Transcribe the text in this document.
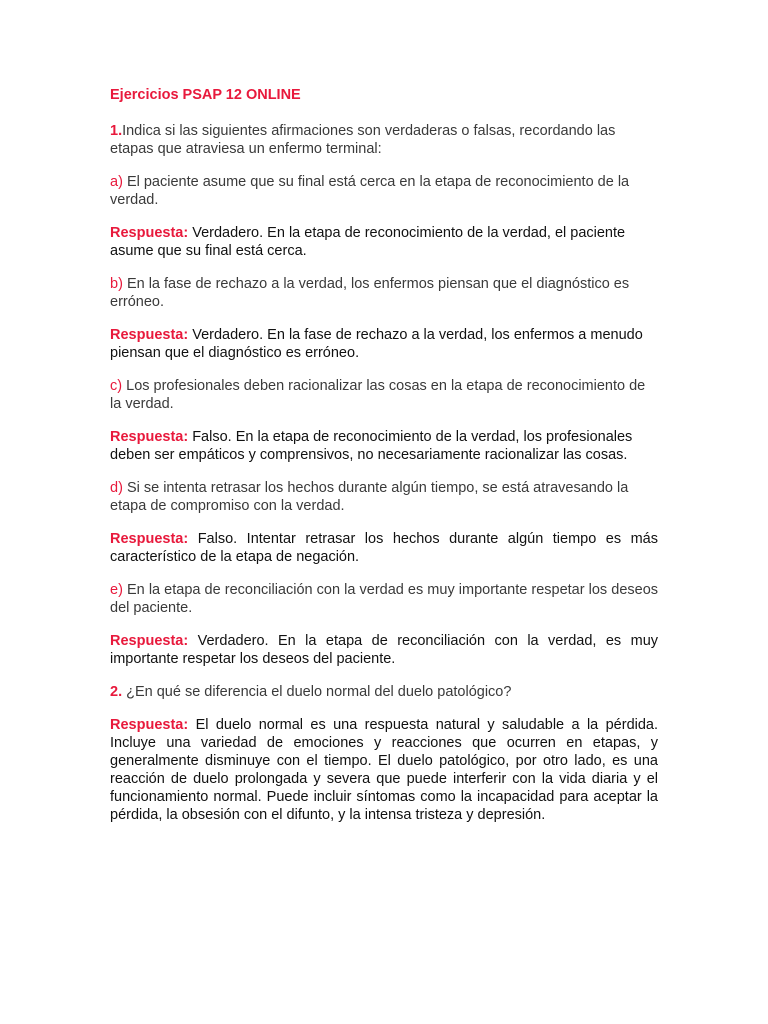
Ejercicios PSAP 12 ONLINE

1.Indica si las siguientes afirmaciones son verdaderas o falsas, recordando las etapas que atraviesa un enfermo terminal:

a) El paciente asume que su final está cerca en la etapa de reconocimiento de la verdad.

Respuesta: Verdadero. En la etapa de reconocimiento de la verdad, el paciente asume que su final está cerca.

b) En la fase de rechazo a la verdad, los enfermos piensan que el diagnóstico es erróneo.

Respuesta: Verdadero. En la fase de rechazo a la verdad, los enfermos a menudo piensan que el diagnóstico es erróneo.

c) Los profesionales deben racionalizar las cosas en la etapa de reconocimiento de la verdad.

Respuesta: Falso. En la etapa de reconocimiento de la verdad, los profesionales deben ser empáticos y comprensivos, no necesariamente racionalizar las cosas.

d) Si se intenta retrasar los hechos durante algún tiempo, se está atravesando la etapa de compromiso con la verdad.

Respuesta: Falso. Intentar retrasar los hechos durante algún tiempo es más característico de la etapa de negación.

e) En la etapa de reconciliación con la verdad es muy importante respetar los deseos del paciente.

Respuesta: Verdadero. En la etapa de reconciliación con la verdad, es muy importante respetar los deseos del paciente.

2. ¿En qué se diferencia el duelo normal del duelo patológico?

Respuesta: El duelo normal es una respuesta natural y saludable a la pérdida. Incluye una variedad de emociones y reacciones que ocurren en etapas, y generalmente disminuye con el tiempo. El duelo patológico, por otro lado, es una reacción de duelo prolongada y severa que puede interferir con la vida diaria y el funcionamiento normal. Puede incluir síntomas como la incapacidad para aceptar la pérdida, la obsesión con el difunto, y la intensa tristeza y depresión.
